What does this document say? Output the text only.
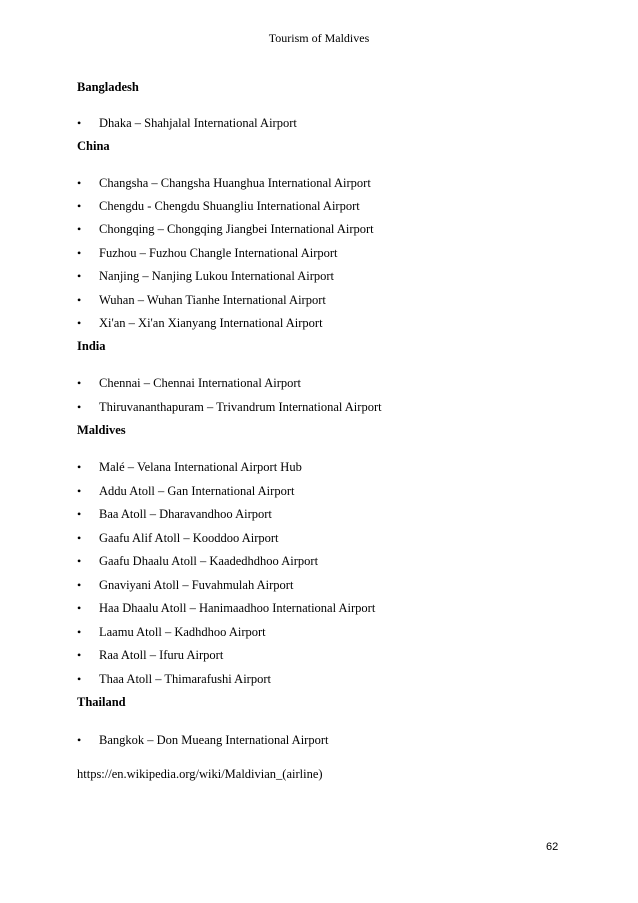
Tourism of Maldives
Bangladesh
• Dhaka – Shahjalal International Airport
China
• Changsha – Changsha Huanghua International Airport
• Chengdu - Chengdu Shuangliu International Airport
• Chongqing – Chongqing Jiangbei International Airport
• Fuzhou – Fuzhou Changle International Airport
• Nanjing – Nanjing Lukou International Airport
• Wuhan – Wuhan Tianhe International Airport
• Xi'an – Xi'an Xianyang International Airport
India
• Chennai – Chennai International Airport
• Thiruvananthapuram – Trivandrum International Airport
Maldives
• Malé – Velana International Airport Hub
• Addu Atoll – Gan International Airport
• Baa Atoll – Dharavandhoo Airport
• Gaafu Alif Atoll – Kooddoo Airport
• Gaafu Dhaalu Atoll – Kaadedhdhoo Airport
• Gnaviyani Atoll – Fuvahmulah Airport
• Haa Dhaalu Atoll – Hanimaadhoo International Airport
• Laamu Atoll – Kadhdhoo Airport
• Raa Atoll – Ifuru Airport
• Thaa Atoll – Thimarafushi Airport
Thailand
• Bangkok – Don Mueang International Airport
https://en.wikipedia.org/wiki/Maldivian_(airline)
62
